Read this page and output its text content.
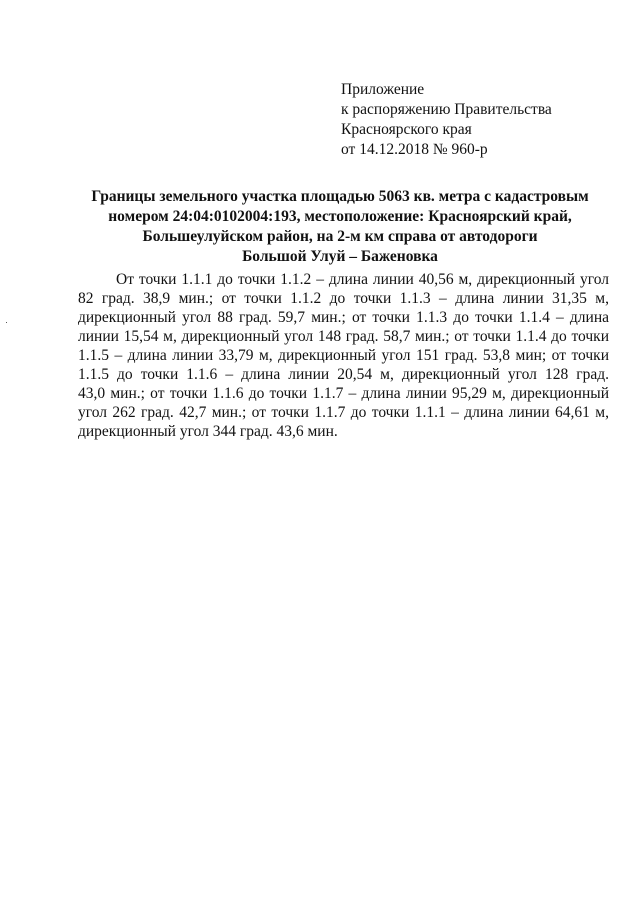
Приложение
к распоряжению Правительства
Красноярского края
от 14.12.2018 № 960-р
Границы земельного участка площадью 5063 кв. метра с кадастровым
номером 24:04:0102004:193, местоположение: Красноярский край,
Большеулуйском район, на 2-м км справа от автодороги
Большой Улуй – Баженовка
От точки 1.1.1 до точки 1.1.2 – длина линии 40,56 м, дирекционный угол
82 град. 38,9 мин.; от точки 1.1.2 до точки 1.1.3 – длина линии 31,35 м,
дирекционный угол 88 град. 59,7 мин.; от точки 1.1.3 до точки 1.1.4 – длина
линии 15,54 м, дирекционный угол 148 град. 58,7 мин.; от точки 1.1.4 до точки
1.1.5 – длина линии 33,79 м, дирекционный угол 151 град. 53,8 мин; от точки
1.1.5 до точки 1.1.6 – длина линии 20,54 м, дирекционный угол 128 град.
43,0 мин.; от точки 1.1.6 до точки 1.1.7 – длина линии 95,29 м, дирекционный
угол 262 град. 42,7 мин.; от точки 1.1.7 до точки 1.1.1 – длина линии 64,61 м,
дирекционный угол 344 град. 43,6 мин.
